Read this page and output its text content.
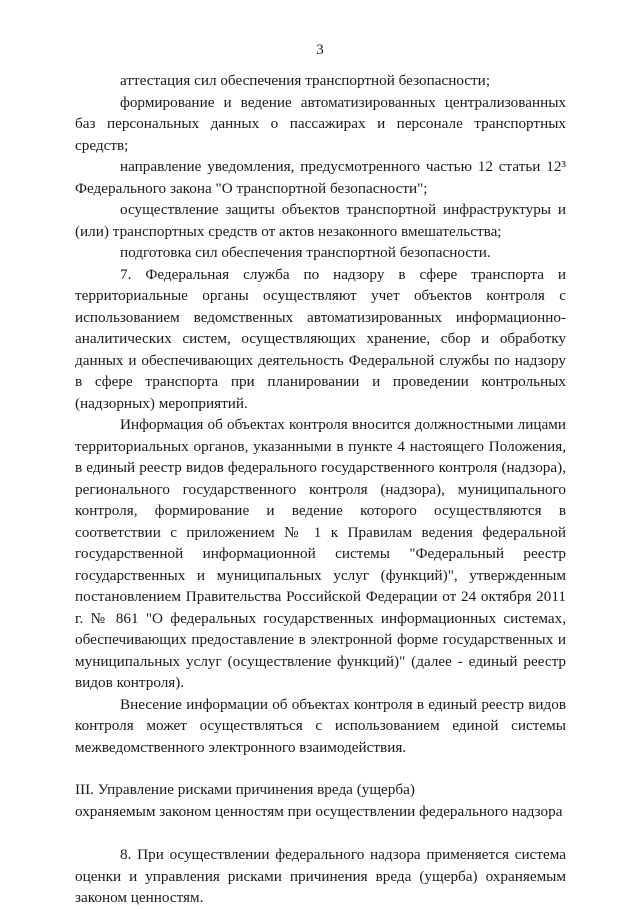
3

аттестация сил обеспечения транспортной безопасности;

формирование и ведение автоматизированных централизованных баз персональных данных о пассажирах и персонале транспортных средств;

направление уведомления, предусмотренного частью 12 статьи 12³ Федерального закона "О транспортной безопасности";

осуществление защиты объектов транспортной инфраструктуры и (или) транспортных средств от актов незаконного вмешательства;

подготовка сил обеспечения транспортной безопасности.

7. Федеральная служба по надзору в сфере транспорта и территориальные органы осуществляют учет объектов контроля с использованием ведомственных автоматизированных информационно-аналитических систем, осуществляющих хранение, сбор и обработку данных и обеспечивающих деятельность Федеральной службы по надзору в сфере транспорта при планировании и проведении контрольных (надзорных) мероприятий.

Информация об объектах контроля вносится должностными лицами территориальных органов, указанными в пункте 4 настоящего Положения, в единый реестр видов федерального государственного контроля (надзора), регионального государственного контроля (надзора), муниципального контроля, формирование и ведение которого осуществляются в соответствии с приложением № 1 к Правилам ведения федеральной государственной информационной системы "Федеральный реестр государственных и муниципальных услуг (функций)", утвержденным постановлением Правительства Российской Федерации от 24 октября 2011 г. № 861 "О федеральных государственных информационных системах, обеспечивающих предоставление в электронной форме государственных и муниципальных услуг (осуществление функций)" (далее - единый реестр видов контроля).

Внесение информации об объектах контроля в единый реестр видов контроля может осуществляться с использованием единой системы межведомственного электронного взаимодействия.

III. Управление рисками причинения вреда (ущерба)

охраняемым законом ценностям при осуществлении федерального надзора

8. При осуществлении федерального надзора применяется система оценки и управления рисками причинения вреда (ущерба) охраняемым законом ценностям.
